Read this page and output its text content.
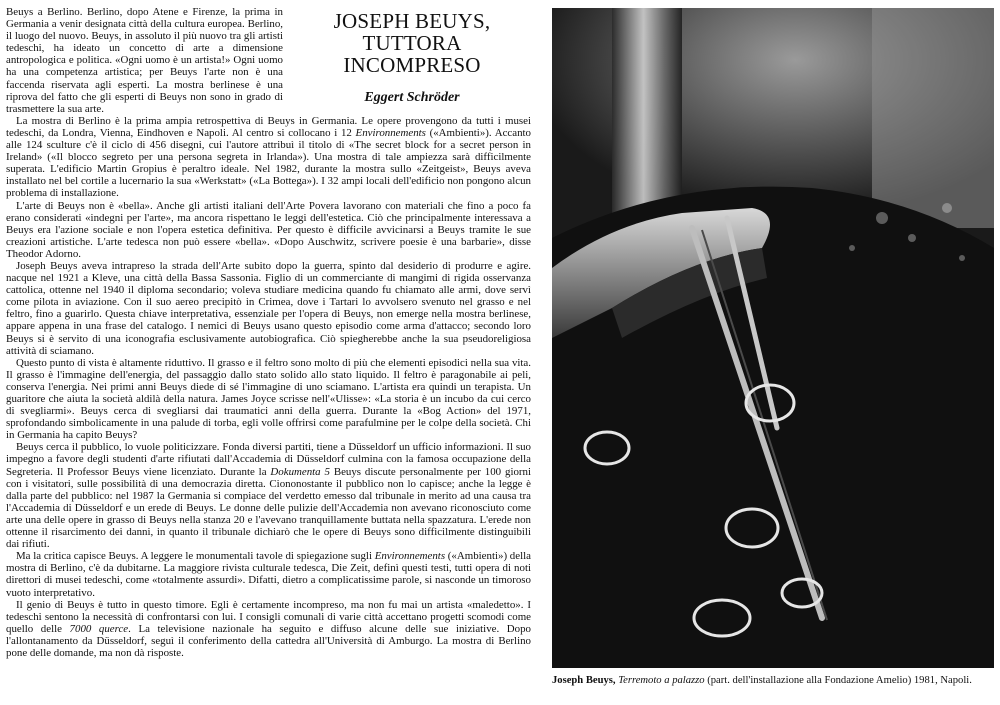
JOSEPH BEUYS,
TUTTORA INCOMPRESO

Eggert Schröder

Beuys a Berlino. Berlino, dopo Atene e Firenze, la prima in Germania a venir designata città della cultura europea. Berlino, il luogo del nuovo. Beuys, in assoluto il più nuovo tra gli artisti tedeschi, ha ideato un concetto di arte a dimensione antropologica e politica. «Ogni uomo è un artista!» Ogni uomo ha una competenza artistica; per Beuys l'arte non è una faccenda riservata agli esperti. La mostra berlinese è una riprova del fatto che gli esperti di Beuys non sono in grado di trasmettere la sua arte.

La mostra di Berlino è la prima ampia retrospettiva di Beuys in Germania. Le opere provengono da tutti i musei tedeschi, da Londra, Vienna, Eindhoven e Napoli. Al centro si collocano i 12 Environnements («Ambienti»). Accanto alle 124 sculture c'è il ciclo di 456 disegni, cui l'autore attribuì il titolo di «The secret block for a secret person in Ireland» («Il blocco segreto per una persona segreta in Irlanda»). Una mostra di tale ampiezza sarà difficilmente superata. L'edificio Martin Gropius è peraltro ideale. Nel 1982, durante la mostra sullo «Zeitgeist», Beuys aveva installato nel bel cortile a lucernario la sua «Werkstatt» («La Bottega»). I 32 ampi locali dell'edificio non pongono alcun problema di installazione.

L'arte di Beuys non è «bella». Anche gli artisti italiani dell'Arte Povera lavorano con materiali che fino a poco fa erano considerati «indegni per l'arte», ma ancora rispettano le leggi dell'estetica. Ciò che principalmente interessava a Beuys era l'azione sociale e non l'opera estetica definitiva. Per questo è difficile avvicinarsi a Beuys tramite le sue creazioni artistiche. L'arte tedesca non può essere «bella». «Dopo Auschwitz, scrivere poesie è una barbarie», disse Theodor Adorno.

Joseph Beuys aveva intrapreso la strada dell'Arte subito dopo la guerra, spinto dal desiderio di produrre e agire. nacque nel 1921 a Kleve, una città della Bassa Sassonia. Figlio di un commerciante di mangimi di rigida osservanza cattolica, ottenne nel 1940 il diploma secondario; voleva studiare medicina quando fu chiamato alle armi, dove servì come pilota in aviazione. Con il suo aereo precipitò in Crimea, dove i Tartari lo avvolsero svenuto nel grasso e nel feltro, fino a guarirlo. Questa chiave interpretativa, essenziale per l'opera di Beuys, non emerge nella mostra berlinese, appare appena in una frase del catalogo. I nemici di Beuys usano questo episodio come arma d'attacco; secondo loro Beuys si è servito di una iconografia esclusivamente autobiografica. Ciò spiegherebbe anche la sua pseudoreligiosa attività di sciamano.

Questo punto di vista è altamente riduttivo. Il grasso e il feltro sono molto di più che elementi episodici nella sua vita. Il grasso è l'immagine dell'energia, del passaggio dallo stato solido allo stato liquido. Il feltro è paragonabile ai peli, conserva l'energia. Nei primi anni Beuys diede di sé l'immagine di uno sciamano. L'artista era quindi un terapista. Un guaritore che aiuta la società aldilà della natura. James Joyce scrisse nell'«Ulisse»: «La storia è un incubo da cui cerco di svegliarmi». Beuys cerca di svegliarsi dai traumatici anni della guerra. Durante la «Bog Action» del 1971, sprofondando simbolicamente in una palude di torba, egli volle offrirsi come parafulmine per le colpe della società. Chi in Germania ha capito Beuys?

Beuys cerca il pubblico, lo vuole politicizzare. Fonda diversi partiti, tiene a Düsseldorf un ufficio informazioni. Il suo impegno a favore degli studenti d'arte rifiutati dall'Accademia di Düsseldorf culmina con la famosa occupazione della Segreteria. Il Professor Beuys viene licenziato. Durante la Dokumenta 5 Beuys discute personalmente per 100 giorni con i visitatori, sulle possibilità di una democrazia diretta. Ciononostante il pubblico non lo capisce; anche la legge è dalla parte del pubblico: nel 1987 la Germania si compiace del verdetto emesso dal tribunale in merito ad una causa tra l'Accademia di Düsseldorf e un erede di Beuys. Le donne delle pulizie dell'Accademia non avevano riconosciuto come arte una delle opere in grasso di Beuys nella stanza 20 e l'avevano tranquillamente buttata nella spazzatura. L'erede non ottenne il risarcimento dei danni, in quanto il tribunale dichiarò che le opere di Beuys sono difficilmente distinguibili dai rifiuti.

Ma la critica capisce Beuys. A leggere le monumentali tavole di spiegazione sugli Environnements («Ambienti») della mostra di Berlino, c'è da dubitarne. La maggiore rivista culturale tedesca, Die Zeit, definì questi testi, tutti opera di noti direttori di musei tedeschi, come «totalmente assurdi». Difatti, dietro a complicatissime parole, si nasconde un timoroso vuoto interpretativo.

Il genio di Beuys è tutto in questo timore. Egli è certamente incompreso, ma non fu mai un artista «maledetto». I tedeschi sentono la necessità di confrontarsi con lui. I consigli comunali di varie città accettano progetti scomodi come quello delle 7000 querce. La televisione nazionale ha seguito e diffuso alcune delle sue iniziative. Dopo l'allontanamento da Düsseldorf, seguì il conferimento della cattedra all'Università di Amburgo. La mostra di Berlino pone delle domande, ma non dà risposte.

Joseph Beuys, Terremoto a palazzo (part. dell'installazione alla Fondazione Amelio) 1981, Napoli.
